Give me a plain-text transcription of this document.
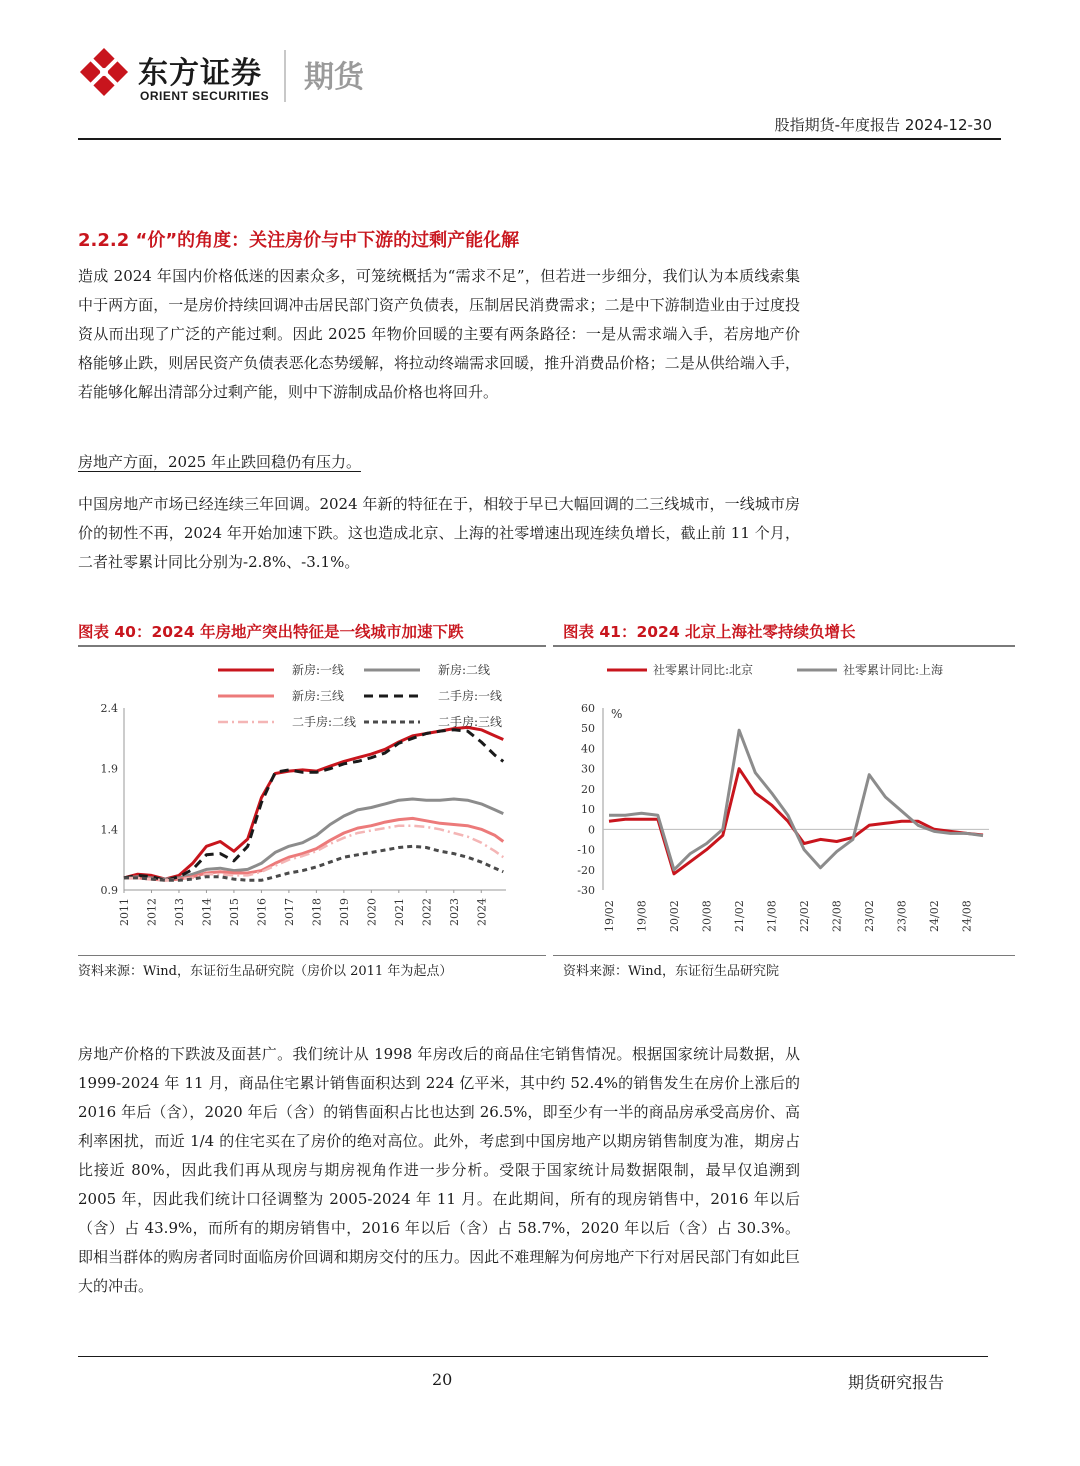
东方证券
ORIENT SECURITIES
期货
股指期货-年度报告 2024-12-30
2.2.2 “价”的角度：关注房价与中下游的过剩产能化解

造成 2024 年国内价格低迷的因素众多，可笼统概括为“需求不足”，但若进一步细分，我们认为本质线索集中于两方面，一是房价持续回调冲击居民部门资产负债表，压制居民消费需求；二是中下游制造业由于过度投资从而出现了广泛的产能过剩。因此 2025 年物价回暖的主要有两条路径：一是从需求端入手，若房地产价格能够止跌，则居民资产负债表恶化态势缓解，将拉动终端需求回暖，推升消费品价格；二是从供给端入手，若能够化解出清部分过剩产能，则中下游制成品价格也将回升。

房地产方面，2025 年止跌回稳仍有压力。

中国房地产市场已经连续三年回调。2024 年新的特征在于，相较于早已大幅回调的二三线城市，一线城市房价的韧性不再，2024 年开始加速下跌。这也造成北京、上海的社零增速出现连续负增长，截止前 11 个月，二者社零累计同比分别为-2.8%、-3.1%。

图表 40：2024 年房地产突出特征是一线城市加速下跌
0.9
1.4
1.9
2.4
2011 2012 2013 2014 2015 2016 2017 2018 2019 2020 2021 2022 2023 2024
新房:一线	新房:二线
新房:三线	二手房:一线
二手房:二线	二手房:三线
资料来源：Wind，东证衍生品研究院（房价以 2011 年为起点）
图表 41：2024 北京上海社零持续负增长
%
60
50
40
30
20
10
0
-10
-20
-30
19/02 19/08 20/02 20/08 21/02 21/08 22/02 22/08 23/02 23/08 24/02 24/08
社零累计同比:北京	社零累计同比:上海
资料来源：Wind，东证衍生品研究院

房地产价格的下跌波及面甚广。我们统计从 1998 年房改后的商品住宅销售情况。根据国家统计局数据，从 1999-2024 年 11 月，商品住宅累计销售面积达到 224 亿平米，其中约 52.4%的销售发生在房价上涨后的 2016 年后（含），2020 年后（含）的销售面积占比也达到 26.5%，即至少有一半的商品房承受高房价、高利率困扰，而近 1/4 的住宅买在了房价的绝对高位。此外，考虑到中国房地产以期房销售制度为准，期房占比接近 80%，因此我们再从现房与期房视角作进一步分析。受限于国家统计局数据限制，最早仅追溯到 2005 年，因此我们统计口径调整为 2005-2024 年 11 月。在此期间，所有的现房销售中，2016 年以后（含）占 43.9%，而所有的期房销售中，2016 年以后（含）占 58.7%，2020 年以后（含）占 30.3%。即相当群体的购房者同时面临房价回调和期房交付的压力。因此不难理解为何房地产下行对居民部门有如此巨大的冲击。

20	期货研究报告
